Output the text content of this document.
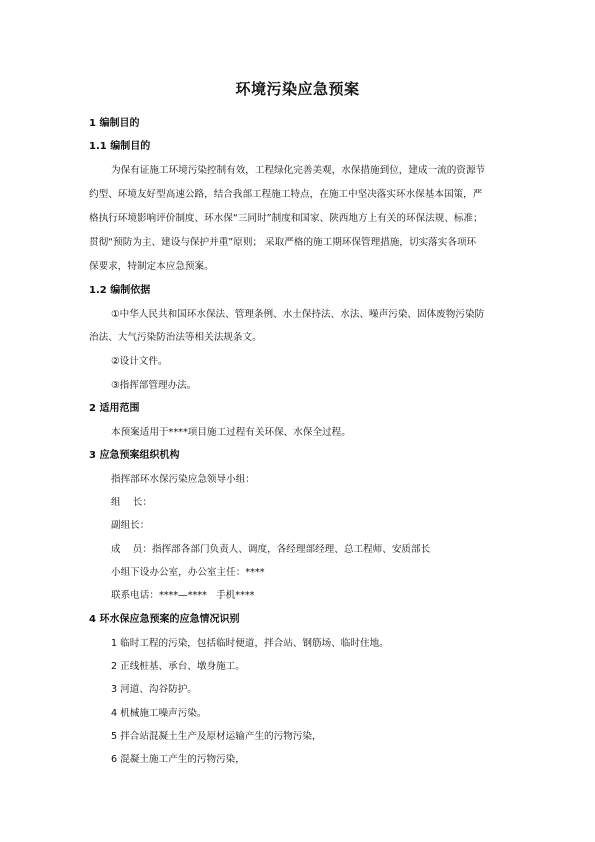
环境污染应急预案
1 编制目的
1.1 编制目的
为保有证施工环境污染控制有效，工程绿化完善美观，水保措施到位，建成一流的资源节
约型、环境友好型高速公路，结合我部工程施工特点，在施工中坚决落实环水保基本国策，严
格执行环境影响评价制度、环水保“三同时”制度和国家、陕西地方上有关的环保法规、标准；
贯彻“预防为主、建设与保护并重”原则； 采取严格的施工期环保管理措施，切实落实各项环
保要求，特制定本应急预案。
1.2 编制依据
①中华人民共和国环水保法、管理条例、水土保持法、水法、噪声污染、固体废物污染防
治法、大气污染防治法等相关法规条文。
②设计文件。
③指挥部管理办法。
2 适用范围
本预案适用于****项目施工过程有关环保、水保全过程。
3 应急预案组织机构
指挥部环水保污染应急领导小组：
组    长：
副组长：
成    员：指挥部各部门负责人、调度，各经理部经理、总工程师、安质部长
小组下设办公室，办公室主任：****
联系电话：****—****   手机****
4 环水保应急预案的应急情况识别
1 临时工程的污染，包括临时便道，拌合站、钢筋场、临时住地。
2 正线桩基、承台、墩身施工。
3 河道、沟谷防护。
4 机械施工噪声污染。
5 拌合站混凝土生产及原材运输产生的污物污染，
6 混凝土施工产生的污物污染，
